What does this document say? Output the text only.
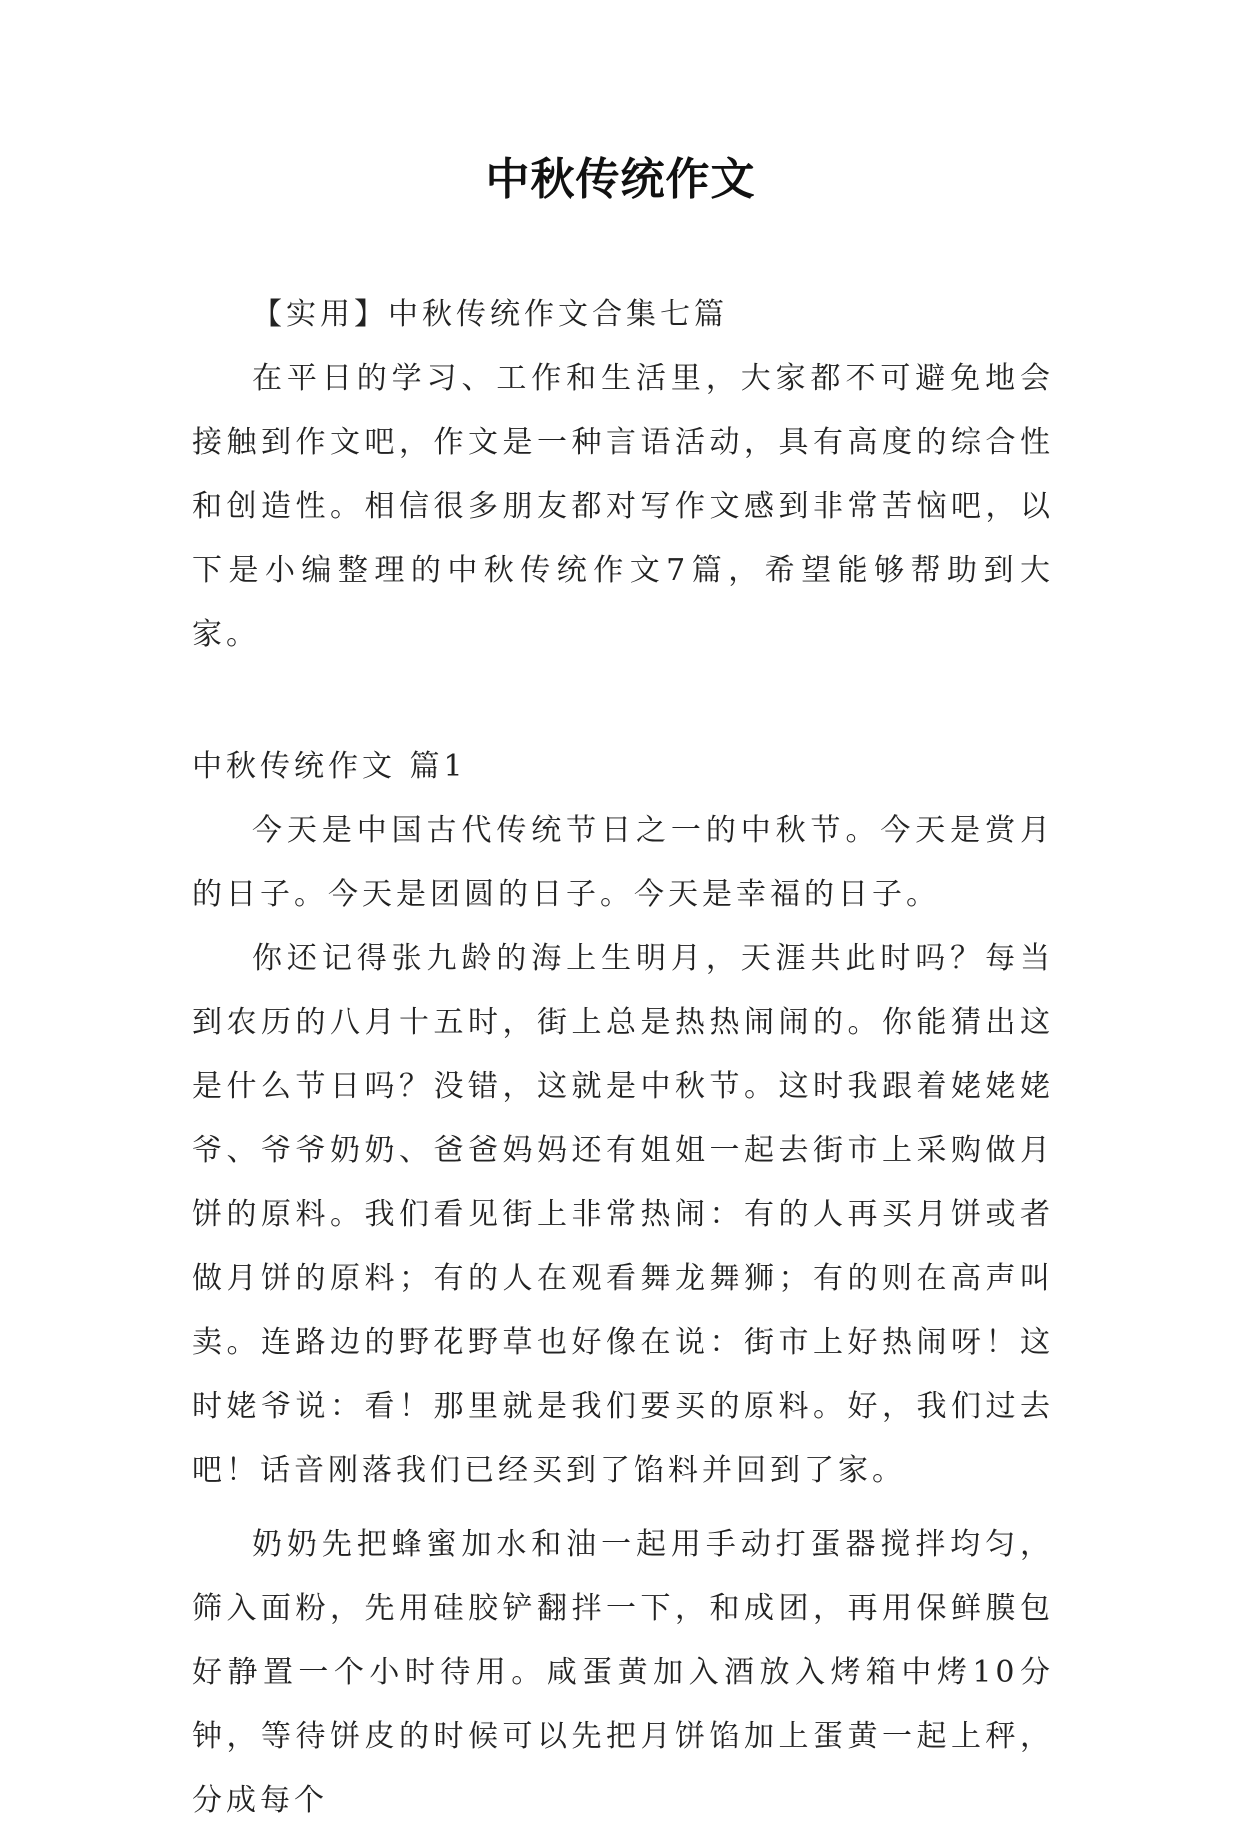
中秋传统作文

【实用】中秋传统作文合集七篇

在平日的学习、工作和生活里，大家都不可避免地会接触到作文吧，作文是一种言语活动，具有高度的综合性和创造性。相信很多朋友都对写作文感到非常苦恼吧，以下是小编整理的中秋传统作文7篇，希望能够帮助到大家。

中秋传统作文 篇1

今天是中国古代传统节日之一的中秋节。今天是赏月的日子。今天是团圆的日子。今天是幸福的日子。

你还记得张九龄的海上生明月，天涯共此时吗？每当到农历的八月十五时，街上总是热热闹闹的。你能猜出这是什么节日吗？没错，这就是中秋节。这时我跟着姥姥姥爷、爷爷奶奶、爸爸妈妈还有姐姐一起去街市上采购做月饼的原料。我们看见街上非常热闹：有的人再买月饼或者做月饼的原料；有的人在观看舞龙舞狮；有的则在高声叫卖。连路边的野花野草也好像在说：街市上好热闹呀！这时姥爷说：看！那里就是我们要买的原料。好，我们过去吧！话音刚落我们已经买到了馅料并回到了家。

奶奶先把蜂蜜加水和油一起用手动打蛋器搅拌均匀，筛入面粉，先用硅胶铲翻拌一下，和成团，再用保鲜膜包好静置一个小时待用。咸蛋黄加入酒放入烤箱中烤10分钟，等待饼皮的时候可以先把月饼馅加上蛋黄一起上秤，分成每个
